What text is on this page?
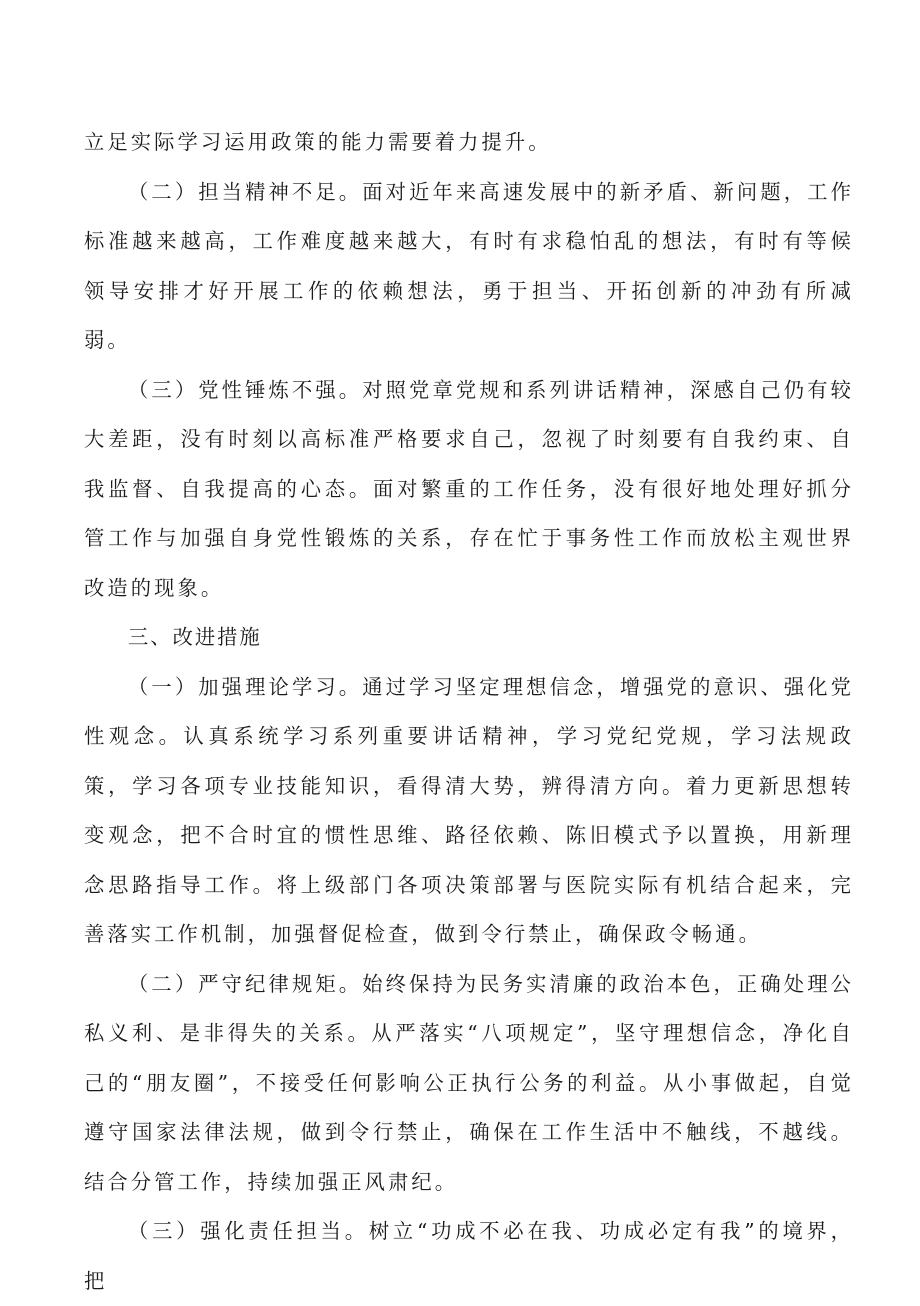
立足实际学习运用政策的能力需要着力提升。

（二）担当精神不足。面对近年来高速发展中的新矛盾、新问题，工作标准越来越高，工作难度越来越大，有时有求稳怕乱的想法，有时有等候领导安排才好开展工作的依赖想法，勇于担当、开拓创新的冲劲有所减弱。

（三）党性锤炼不强。对照党章党规和系列讲话精神，深感自己仍有较大差距，没有时刻以高标准严格要求自己，忽视了时刻要有自我约束、自我监督、自我提高的心态。面对繁重的工作任务，没有很好地处理好抓分管工作与加强自身党性锻炼的关系，存在忙于事务性工作而放松主观世界改造的现象。

三、改进措施

（一）加强理论学习。通过学习坚定理想信念，增强党的意识、强化党性观念。认真系统学习系列重要讲话精神，学习党纪党规，学习法规政策，学习各项专业技能知识，看得清大势，辨得清方向。着力更新思想转变观念，把不合时宜的惯性思维、路径依赖、陈旧模式予以置换，用新理念思路指导工作。将上级部门各项决策部署与医院实际有机结合起来，完善落实工作机制，加强督促检查，做到令行禁止，确保政令畅通。

（二）严守纪律规矩。始终保持为民务实清廉的政治本色，正确处理公私义利、是非得失的关系。从严落实“八项规定”，坚守理想信念，净化自己的“朋友圈”，不接受任何影响公正执行公务的利益。从小事做起，自觉遵守国家法律法规，做到令行禁止，确保在工作生活中不触线，不越线。结合分管工作，持续加强正风肃纪。

（三）强化责任担当。树立“功成不必在我、功成必定有我”的境界，把
